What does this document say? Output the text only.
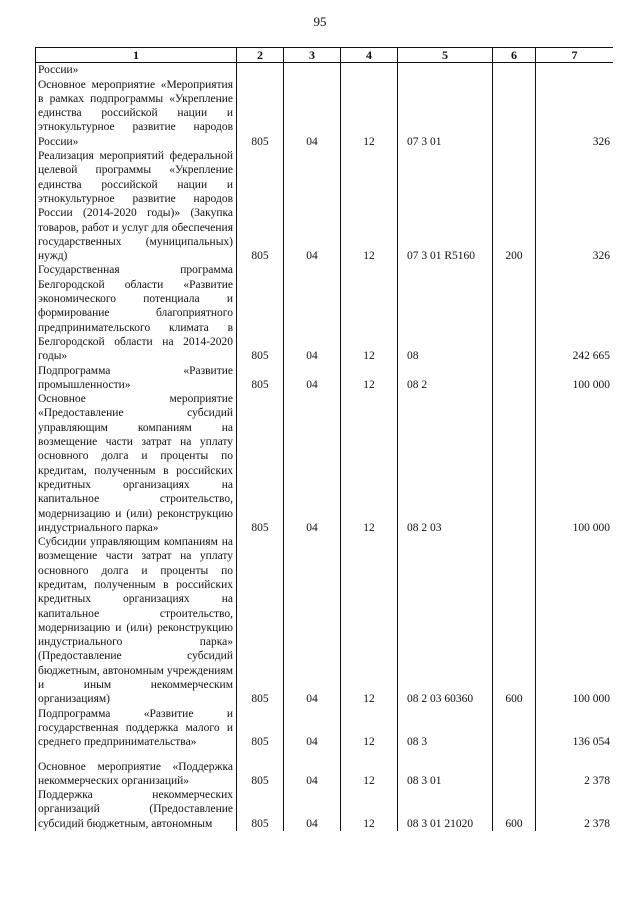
95
1	2	3	4	5	6	7
России»
Основное мероприятие «Мероприятия в рамках подпрограммы «Укрепление единства российской нации и этнокультурное развитие народов России»	805	04	12	07 3 01		326
Реализация мероприятий федеральной целевой программы «Укрепление единства российской нации и этнокультурное развитие народов России (2014-2020 годы)» (Закупка товаров, работ и услуг для обеспечения государственных (муниципальных) нужд)	805	04	12	07 3 01 R5160	200	326
Государственная программа Белгородской области «Развитие экономического потенциала и формирование благоприятного предпринимательского климата в Белгородской области на 2014-2020 годы»	805	04	12	08		242 665
Подпрограмма «Развитие промышленности»	805	04	12	08 2		100 000
Основное мероприятие «Предоставление субсидий управляющим компаниям на возмещение части затрат на уплату основного долга и проценты по кредитам, полученным в российских кредитных организациях на капитальное строительство, модернизацию и (или) реконструкцию индустриального парка»	805	04	12	08 2 03		100 000
Субсидии управляющим компаниям на возмещение части затрат на уплату основного долга и проценты по кредитам, полученным в российских кредитных организациях на капитальное строительство, модернизацию и (или) реконструкцию индустриального парка» (Предоставление субсидий бюджетным, автономным учреждениям и иным некоммерческим организациям)	805	04	12	08 2 03 60360	600	100 000
Подпрограмма «Развитие и государственная поддержка малого и среднего предпринимательства»	805	04	12	08 3		136 054

Основное мероприятие «Поддержка некоммерческих организаций»	805	04	12	08 3 01		2 378
Поддержка некоммерческих организаций (Предоставление субсидий бюджетным, автономным	805	04	12	08 3 01 21020	600	2 378
